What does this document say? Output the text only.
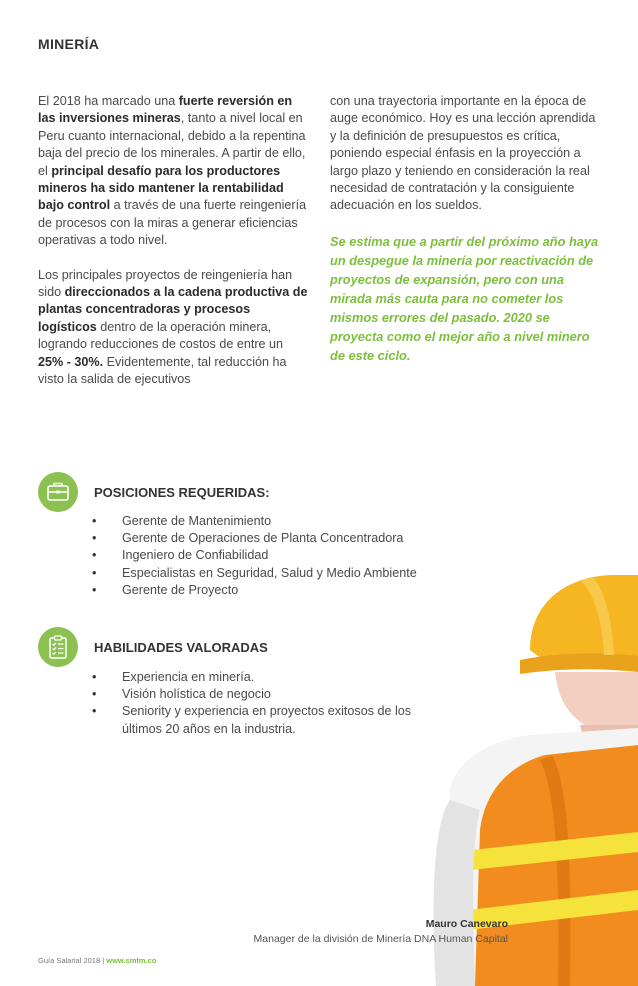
MINERÍA

El 2018 ha marcado una fuerte reversión en las inversiones mineras, tanto a nivel local en Peru cuanto internacional, debido a la repentina baja del precio de los minerales. A partir de ello, el principal desafío para los productores mineros ha sido mantener la rentabilidad bajo control a través de una fuerte reingeniería de procesos con la miras a generar eficiencias operativas a todo nivel.

Los principales proyectos de reingeniería han sido direccionados a la cadena productiva de plantas concentradoras y procesos logísticos dentro de la operación minera, logrando reducciones de costos de entre un 25% - 30%. Evidentemente, tal reducción ha visto la salida de ejecutivos

con una trayectoria importante en la época de auge económico. Hoy es una lección aprendida y la definición de presupuestos es crítica, poniendo especial énfasis en la proyección a largo plazo y teniendo en consideración la real necesidad de contratación y la consiguiente adecuación en los sueldos.

Se estima que a partir del próximo año haya un despegue la minería por reactivación de proyectos de expansión, pero con una mirada más cauta para no cometer los mismos errores del pasado. 2020 se proyecta como el mejor año a nivel minero de este ciclo.

POSICIONES REQUERIDAS:
• Gerente de Mantenimiento
• Gerente de Operaciones de Planta Concentradora
• Ingeniero de Confiabilidad
• Especialistas en Seguridad, Salud y Medio Ambiente
• Gerente de Proyecto
HABILIDADES VALORADAS
• Experiencia en minería.
• Visión holística de negocio
• Seniority y experiencia en proyectos exitosos de los últimos 20 años en la industria.
Mauro Canevaro
Manager de la división de Minería DNA Human Capital
Guía Salarial 2018 | www.smtm.co
